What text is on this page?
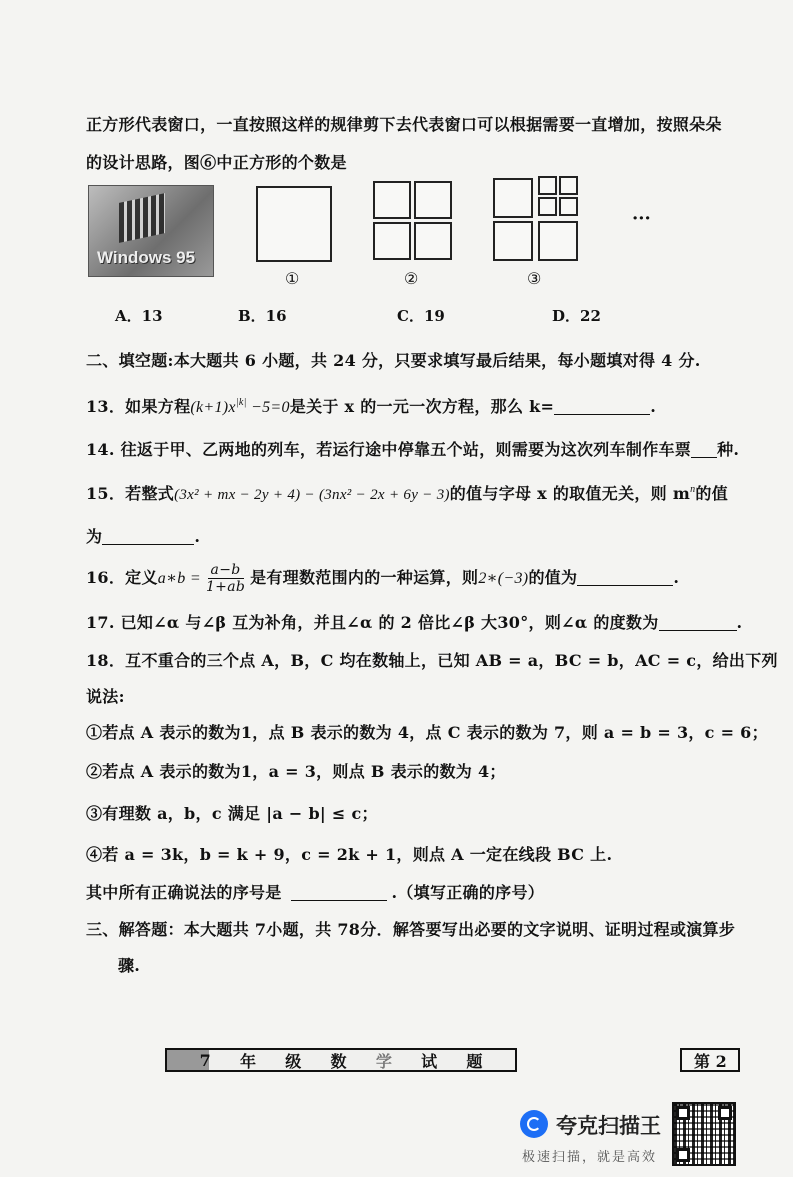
正方形代表窗口，一直按照这样的规律剪下去代表窗口可以根据需要一直增加，按照朵朵
的设计思路，图⑥中正方形的个数是
Windows 95
①	②	③
···
A．13	B．16	C．19	D．22
二、填空题:本大题共 6 小题，共 24 分，只要求填写最后结果，每小题填对得 4 分.
13．如果方程$(k+1)x^{|k|} -5=0$是关于 x 的一元一次方程，那么 k=	.
14. 往返于甲、乙两地的列车，若运行途中停靠五个站，则需要为这次列车制作车票 种.
15．若整式(3x² + mx − 2y + 4) − (3nx² − 2x + 6y − 3)的值与字母 x 的取值无关，则 $m^n$的值
为	.
16．定义a∗b = $\frac{a-b}{1+ab}$ 是有理数范围内的一种运算，则2∗(−3)的值为	.
17. 已知∠α 与∠β 互为补角，并且∠α 的 2 倍比∠β 大30°，则∠α 的度数为	.
18．互不重合的三个点 A，B，C 均在数轴上，已知 AB = a，BC = b，AC = c，给出下列
说法:
①若点 A 表示的数为1，点 B 表示的数为 4，点 C 表示的数为 7，则 a = b = 3，c = 6；
②若点 A 表示的数为1，a = 3，则点 B 表示的数为 4；
③有理数 a，b，c 满足 |a − b| ≤ c；
④若 a = 3k，b = k + 9，c = 2k + 1，则点 A 一定在线段 BC 上.
其中所有正确说法的序号是	.（填写正确的序号）
三、解答题：本大题共 7小题，共 78分．解答要写出必要的文字说明、证明过程或演算步
骤.
7 年 级 数 学 试 题	第 2
夸克扫描王
极速扫描，就是高效
